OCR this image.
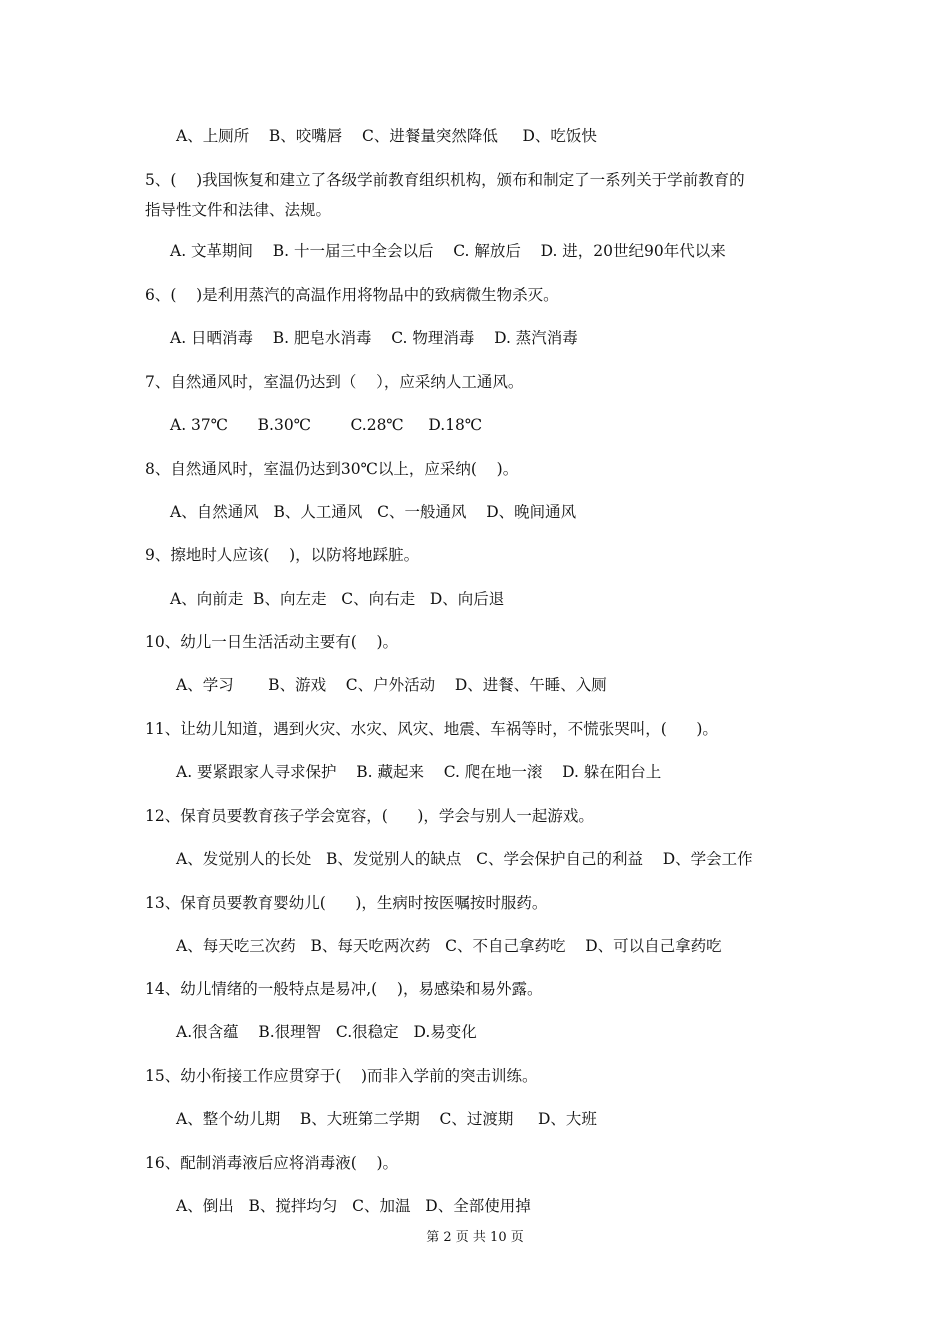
A、上厕所    B、咬嘴唇    C、进餐量突然降低     D、吃饭快
5、(    )我国恢复和建立了各级学前教育组织机构，颁布和制定了一系列关于学前教育的
指导性文件和法律、法规。
A. 文革期间    B. 十一届三中全会以后    C. 解放后    D. 进，20世纪90年代以来
6、(    )是利用蒸汽的高温作用将物品中的致病微生物杀灭。
A. 日晒消毒    B. 肥皂水消毒    C. 物理消毒    D. 蒸汽消毒
7、自然通风时，室温仍达到（    ），应采纳人工通风。
A. 37℃      B.30℃        C.28℃     D.18℃
8、自然通风时，室温仍达到30℃以上，应采纳(    )。
A、自然通风   B、人工通风   C、一般通风    D、晚间通风
9、擦地时人应该(    )，以防将地踩脏。
A、向前走  B、向左走   C、向右走   D、向后退
10、幼儿一日生活活动主要有(    )。
A、学习       B、游戏    C、户外活动    D、进餐、午睡、入厕
11、让幼儿知道，遇到火灾、水灾、风灾、地震、车祸等时，不慌张哭叫，(      )。
A. 要紧跟家人寻求保护    B. 藏起来    C. 爬在地一滚    D. 躲在阳台上
12、保育员要教育孩子学会宽容，(      )，学会与别人一起游戏。
A、发觉别人的长处   B、发觉别人的缺点   C、学会保护自己的利益    D、学会工作
13、保育员要教育婴幼儿(      )，生病时按医嘱按时服药。
A、每天吃三次药   B、每天吃两次药   C、不自己拿药吃    D、可以自己拿药吃
14、幼儿情绪的一般特点是易冲,(    )，易感染和易外露。
A.很含蕴    B.很理智   C.很稳定   D.易变化
15、幼小衔接工作应贯穿于(    )而非入学前的突击训练。
A、整个幼儿期    B、大班第二学期    C、过渡期     D、大班
16、配制消毒液后应将消毒液(    )。
A、倒出   B、搅拌均匀   C、加温   D、全部使用掉
第 2 页 共 10 页
